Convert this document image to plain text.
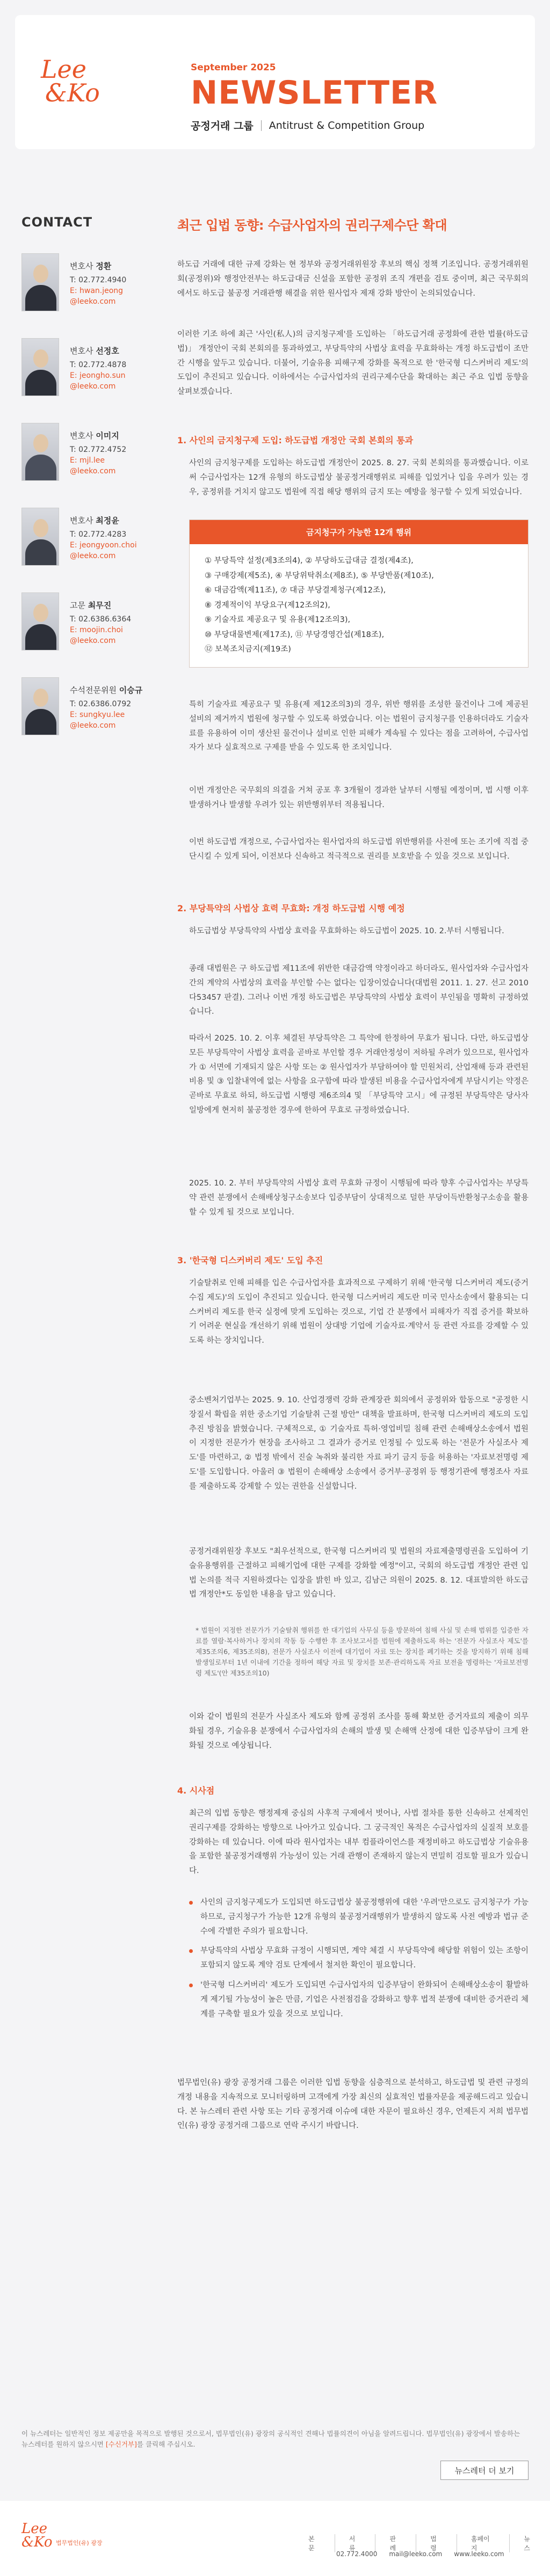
Lee
&Ko
September 2025
NEWSLETTER
공정거래 그룹 Antitrust & Competition Group
CONTACT
변호사 정환
T: 02.772.4940
E: hwan.jeong
@leeko.com
변호사 선정호
T: 02.772.4878
E: jeongho.sun
@leeko.com
변호사 이미지
T: 02.772.4752
E: mjl.lee
@leeko.com
변호사 최정윤
T: 02.772.4283
E: jeongyoon.choi
@leeko.com
고문 최무진
T: 02.6386.6364
E: moojin.choi
@leeko.com
수석전문위원 이승규
T: 02.6386.0792
E: sungkyu.lee
@leeko.com
최근 입법 동향: 수급사업자의 권리구제수단 확대
하도급 거래에 대한 규제 강화는 현 정부와 공정거래위원장 후보의 핵심 정책 기조입니다. 공정거래위원회(공정위)와 행정안전부는 하도급대금 신설을 포함한 공정위 조직 개편을 검토 중이며, 최근 국무회의에서도 하도급 불공정 거래관행 해결을 위한 원사업자 제재 강화 방안이 논의되었습니다.
이러한 기조 하에 최근 '사인(私人)의 금지청구제'를 도입하는 「하도급거래 공정화에 관한 법률(하도급법)」 개정안이 국회 본회의를 통과하였고, 부당특약의 사법상 효력을 무효화하는 개정 하도급법이 조만간 시행을 앞두고 있습니다. 더불어, 기술유용 피해구제 강화를 목적으로 한 '한국형 디스커버리 제도'의 도입이 추진되고 있습니다. 이하에서는 수급사업자의 권리구제수단을 확대하는 최근 주요 입법 동향을 살펴보겠습니다.
1. 사인의 금지청구제 도입: 하도급법 개정안 국회 본회의 통과
사인의 금지청구제를 도입하는 하도급법 개정안이 2025. 8. 27. 국회 본회의를 통과했습니다. 이로써 수급사업자는 12개 유형의 하도급법상 불공정거래행위로 피해를 입었거나 입을 우려가 있는 경우, 공정위를 거치지 않고도 법원에 직접 해당 행위의 금지 또는 예방을 청구할 수 있게 되었습니다.
금지청구가 가능한 12개 행위
① 부당특약 설정(제3조의4), ② 부당하도급대금 결정(제4조),
③ 구매강제(제5조), ④ 부당위탁취소(제8조), ⑤ 부당반품(제10조),
⑥ 대금감액(제11조), ⑦ 대금 부당결제청구(제12조),
⑧ 경제적이익 부당요구(제12조의2),
⑨ 기술자료 제공요구 및 유용(제12조의3),
⑩ 부당대물변제(제17조), ⑪ 부당경영간섭(제18조),
⑫ 보복조치금지(제19조)
특히 기술자료 제공요구 및 유용(제 제12조의3)의 경우, 위반 행위를 조성한 물건이나 그에 제공된 설비의 제거까지 법원에 청구할 수 있도록 하였습니다. 이는 법원이 금지청구를 인용하더라도 기술자료를 유용하여 이미 생산된 물건이나 설비로 인한 피해가 계속될 수 있다는 점을 고려하여, 수급사업자가 보다 실효적으로 구제를 받을 수 있도록 한 조치입니다.
이번 개정안은 국무회의 의결을 거쳐 공포 후 3개월이 경과한 날부터 시행될 예정이며, 법 시행 이후 발생하거나 발생할 우려가 있는 위반행위부터 적용됩니다.
이번 하도급법 개정으로, 수급사업자는 원사업자의 하도급법 위반행위를 사전에 또는 조기에 직접 중단시킬 수 있게 되어, 이전보다 신속하고 적극적으로 권리를 보호받을 수 있을 것으로 보입니다.
2. 부당특약의 사법상 효력 무효화: 개정 하도급법 시행 예정
하도급법상 부당특약의 사법상 효력을 무효화하는 하도급법이 2025. 10. 2.부터 시행됩니다.
종래 대법원은 구 하도급법 제11조에 위반한 대금감액 약정이라고 하더라도, 원사업자와 수급사업자 간의 계약의 사법상의 효력을 부인할 수는 없다는 입장이었습니다(대법원 2011. 1. 27. 선고 2010다53457 판결). 그러나 이번 개정 하도급법은 부당특약의 사법상 효력이 부인됨을 명확히 규정하였습니다.
따라서 2025. 10. 2. 이후 체결된 부당특약은 그 특약에 한정하여 무효가 됩니다. 다만, 하도급법상 모든 부당특약이 사법상 효력을 곧바로 부인할 경우 거래안정성이 저하될 우려가 있으므로, 원사업자가 ① 서면에 기재되지 않은 사항 또는 ② 원사업자가 부담하여야 할 민원처리, 산업재해 등과 관련된 비용 및 ③ 입찰내역에 없는 사항을 요구함에 따라 발생된 비용을 수급사업자에게 부담시키는 약정은 곧바로 무효로 하되, 하도급법 시행령 제6조의4 및 「부당특약 고시」에 규정된 부당특약은 당사자 일방에게 현저히 불공정한 경우에 한하여 무효로 규정하였습니다.
2025. 10. 2. 부터 부당특약의 사법상 효력 무효화 규정이 시행됨에 따라 향후 수급사업자는 부당특약 관련 분쟁에서 손해배상청구소송보다 입증부담이 상대적으로 덜한 부당이득반환청구소송을 활용할 수 있게 될 것으로 보입니다.
3. '한국형 디스커버리 제도' 도입 추진
기술탈취로 인해 피해를 입은 수급사업자를 효과적으로 구제하기 위해 '한국형 디스커버리 제도(증거수집 제도)'의 도입이 추진되고 있습니다. 한국형 디스커버리 제도란 미국 민사소송에서 활용되는 디스커버리 제도를 한국 실정에 맞게 도입하는 것으로, 기업 간 분쟁에서 피해자가 직접 증거를 확보하기 어려운 현실을 개선하기 위해 법원이 상대방 기업에 기술자료·계약서 등 관련 자료를 강제할 수 있도록 하는 장치입니다.
중소벤처기업부는 2025. 9. 10. 산업경쟁력 강화 관계장관 회의에서 공정위와 합동으로 "공정한 시장질서 확립을 위한 중소기업 기술탈취 근절 방안" 대책을 발표하며, 한국형 디스커버리 제도의 도입 추진 방침을 밝혔습니다. 구체적으로, ① 기술자료 특허·영업비밀 침해 관련 손해배상소송에서 법원이 지정한 전문가가 현장을 조사하고 그 결과가 증거로 인정될 수 있도록 하는 '전문가 사실조사 제도'를 마련하고, ② 법정 밖에서 진술 녹취와 불리한 자료 파기 금지 등을 허용하는 '자료보전명령 제도'를 도입합니다. 아울러 ③ 법원이 손해배상 소송에서 증거부·공정위 등 행정기관에 행정조사 자료를 제출하도록 강제할 수 있는 권한을 신설합니다.
공정거래위원장 후보도 "최우선적으로, 한국형 디스커버리 및 법원의 자료제출명령권을 도입하여 기술유용행위를 근절하고 피해기업에 대한 구제를 강화할 예정"이고, 국회의 하도급법 개정안 관련 입법 논의를 적극 지원하겠다는 입장을 밝힌 바 있고, 김남근 의원이 2025. 8. 12. 대표발의한 하도급법 개정안*도 동일한 내용을 담고 있습니다.
* 법원이 지정한 전문가가 기술탈취 행위를 한 대기업의 사무실 등을 방문하여 침해 사실 및 손해 범위를 입증한 자료를 열람·복사하거나 장치의 작동 등 수행한 후 조사보고서를 법원에 제출하도록 하는 '전문가 사실조사 제도'를 제35조의6, 제35조의8), 전문가 사실조사 이전에 대기업이 자료 또는 장치를 폐기하는 것을 방지하기 위해 침해 발생일로부터 1년 이내에 기간을 정하여 해당 자료 및 장치를 보존·관리하도록 자료 보전을 명령하는 '자료보전명령 제도'(안 제35조의10)
이와 같이 법원의 전문가 사실조사 제도와 함께 공정위 조사를 통해 확보한 증거자료의 제출이 의무화될 경우, 기술유용 분쟁에서 수급사업자의 손해의 발생 및 손해액 산정에 대한 입증부담이 크게 완화될 것으로 예상됩니다.
4. 시사점
최근의 입법 동향은 행정제재 중심의 사후적 구제에서 벗어나, 사법 절차를 통한 신속하고 선제적인 권리구제를 강화하는 방향으로 나아가고 있습니다. 그 궁극적인 목적은 수급사업자의 실질적 보호를 강화하는 데 있습니다. 이에 따라 원사업자는 내부 컴플라이언스를 재정비하고 하도급법상 기술유용을 포함한 불공정거래행위 가능성이 있는 거래 관행이 존재하지 않는지 면밀히 검토할 필요가 있습니다.
사인의 금지청구제도가 도입되면 하도급법상 불공정행위에 대한 '우려'만으로도 금지청구가 가능하므로, 금지청구가 가능한 12개 유형의 불공정거래행위가 발생하지 않도록 사전 예방과 법규 준수에 각별한 주의가 필요합니다.
부당특약의 사법상 무효화 규정이 시행되면, 계약 체결 시 부당특약에 해당할 위험이 있는 조항이 포함되지 않도록 계약 검토 단계에서 철저한 확인이 필요합니다.
'한국형 디스커버리' 제도가 도입되면 수급사업자의 입증부담이 완화되어 손해배상소송이 활발하게 제기될 가능성이 높은 만큼, 기업은 사전점검을 강화하고 향후 법적 분쟁에 대비한 증거관리 체계를 구축할 필요가 있을 것으로 보입니다.
법무법인(유) 광장 공정거래 그룹은 이러한 입법 동향을 심층적으로 분석하고, 하도급법 및 관련 규정의 개정 내용을 지속적으로 모니터링하며 고객에게 가장 최신의 실효적인 법률자문을 제공해드리고 있습니다. 본 뉴스레터 관련 사항 또는 기타 공정거래 이슈에 대한 자문이 필요하신 경우, 언제든지 저희 법무법인(유) 광장 공정거래 그룹으로 연락 주시기 바랍니다.
이 뉴스레터는 일반적인 정보 제공만을 목적으로 발행된 것으로서, 법무법인(유) 광장의 공식적인 견해나 법률의견이 아님을 알려드립니다. 법무법인(유) 광장에서 발송하는 뉴스레터를 원하지 않으시면 [수신거부]를 클릭해 주십시오.
뉴스레터 더 보기
Lee
&Ko 법무법인(유) 광장
본문
서류
판례
법령
홈페이지
뉴스
02.772.4000 mail@leeko.com www.leeko.com
